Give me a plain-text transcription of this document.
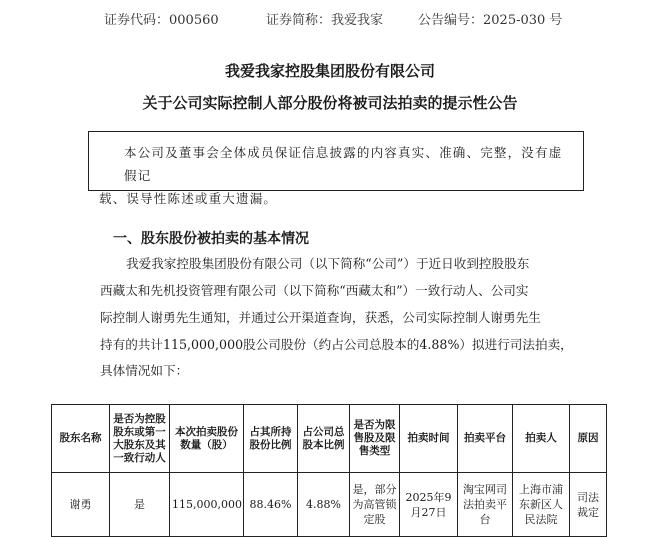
证券代码：000560	证券简称：我爱我家	公告编号：2025-030 号
我爱我家控股集团股份有限公司
关于公司实际控制人部分股份将被司法拍卖的提示性公告
本公司及董事会全体成员保证信息披露的内容真实、准确、完整，没有虚假记
载、误导性陈述或重大遗漏。
一、股东股份被拍卖的基本情况
我爱我家控股集团股份有限公司（以下简称“公司”）于近日收到控股股东
西藏太和先机投资管理有限公司（以下简称“西藏太和”）一致行动人、公司实
际控制人谢勇先生通知，并通过公开渠道查询，获悉，公司实际控制人谢勇先生
持有的共计115,000,000股公司股份（约占公司总股本的4.88%）拟进行司法拍卖，
具体情况如下：
股东名称	是否为控股股东或第一大股东及其一致行动人	本次拍卖股份数量（股）	占其所持股份比例	占公司总股本比例	是否为限售股及限售类型	拍卖时间	拍卖平台	拍卖人	原因
谢勇	是	115,000,000	88.46%	4.88%	是，部分为高管锁定股	2025年9月27日	淘宝网司法拍卖平台	上海市浦东新区人民法院	司法裁定
